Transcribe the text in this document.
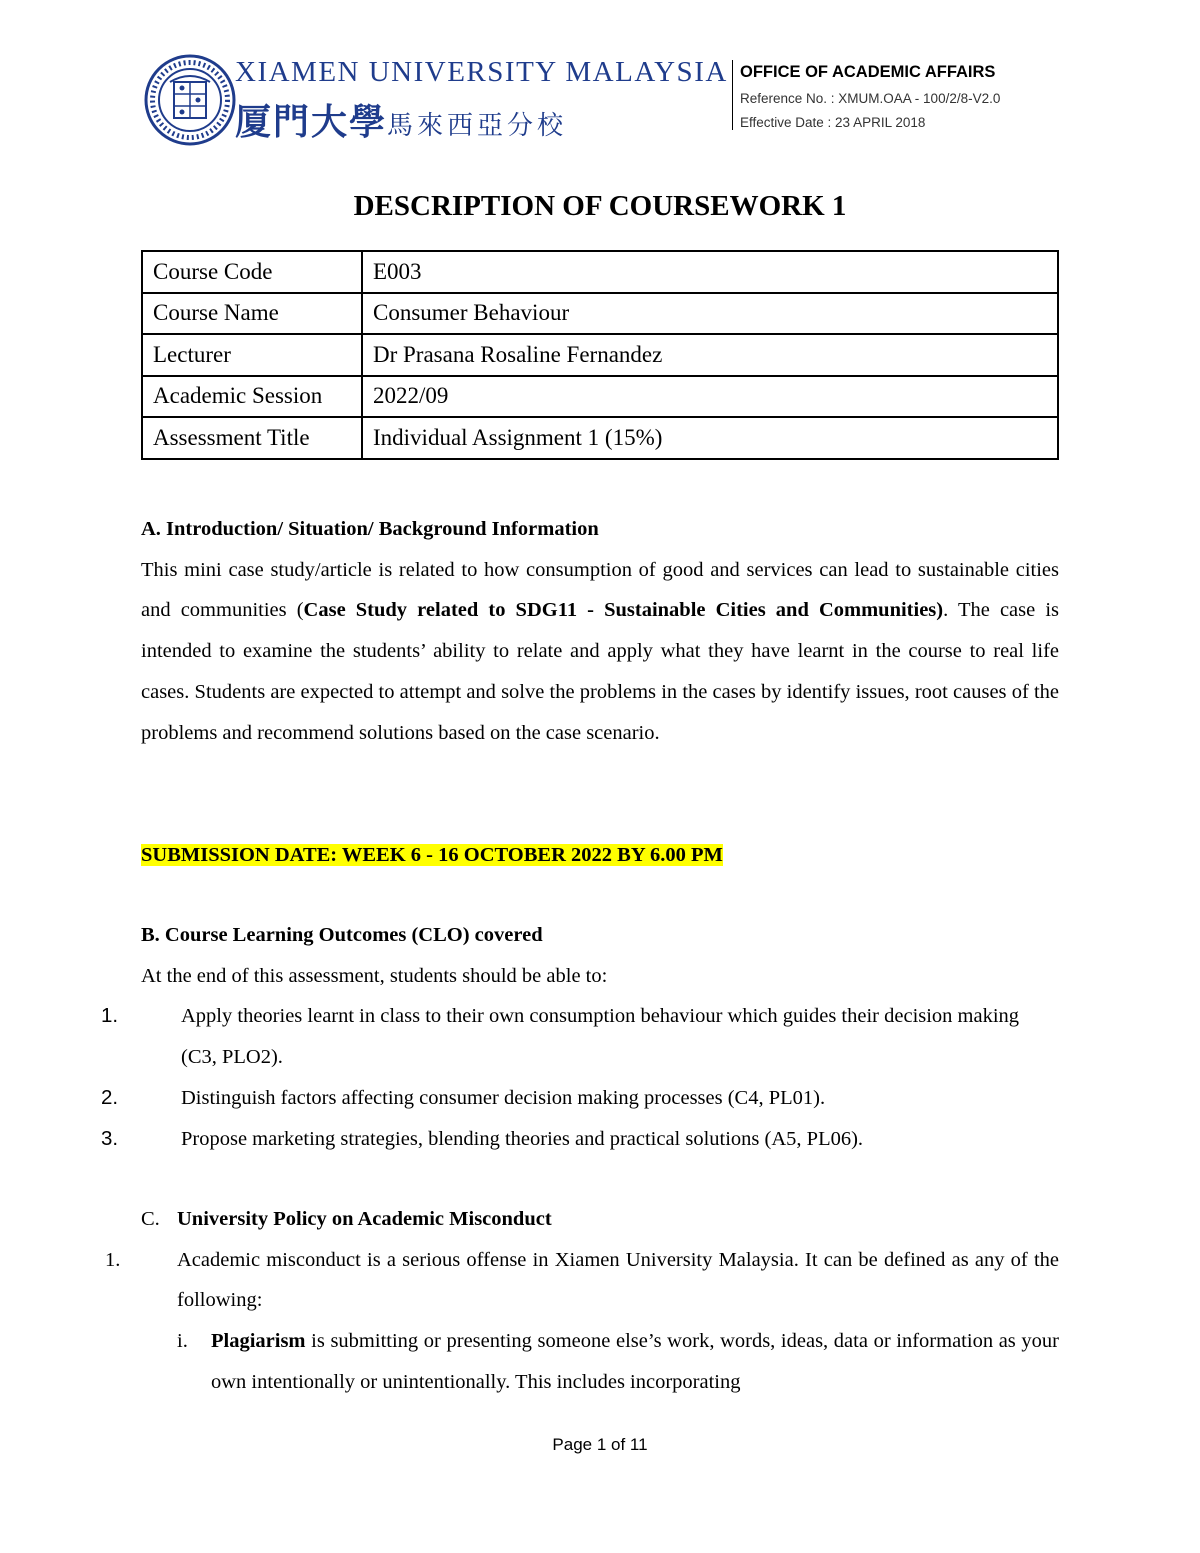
XIAMEN UNIVERSITY MALAYSIA
厦門大學馬來西亞分校
OFFICE OF ACADEMIC AFFAIRS
Reference No. : XMUM.OAA - 100/2/8-V2.0
Effective Date : 23 APRIL 2018
DESCRIPTION OF COURSEWORK 1
Course Code	E003
Course Name	Consumer Behaviour
Lecturer	Dr Prasana Rosaline Fernandez
Academic Session	2022/09
Assessment Title	Individual Assignment 1 (15%)
A. Introduction/ Situation/ Background Information
This mini case study/article is related to how consumption of good and services can lead to sustainable cities and communities (Case Study related to SDG11 - Sustainable Cities and Communities). The case is intended to examine the students’ ability to relate and apply what they have learnt in the course to real life cases. Students are expected to attempt and solve the problems in the cases by identify issues, root causes of the problems and recommend solutions based on the case scenario.
SUBMISSION DATE: WEEK 6 - 16 OCTOBER 2022 BY 6.00 PM
B. Course Learning Outcomes (CLO) covered
At the end of this assessment, students should be able to:
1.	Apply theories learnt in class to their own consumption behaviour which guides their decision making (C3, PLO2).
2.	Distinguish factors affecting consumer decision making processes (C4, PL01).
3.	Propose marketing strategies, blending theories and practical solutions (A5, PL06).
C. University Policy on Academic Misconduct
1.	Academic misconduct is a serious offense in Xiamen University Malaysia. It can be defined as any of the following:
i. Plagiarism is submitting or presenting someone else’s work, words, ideas, data or information as your own intentionally or unintentionally. This includes incorporating
Page 1 of 11
